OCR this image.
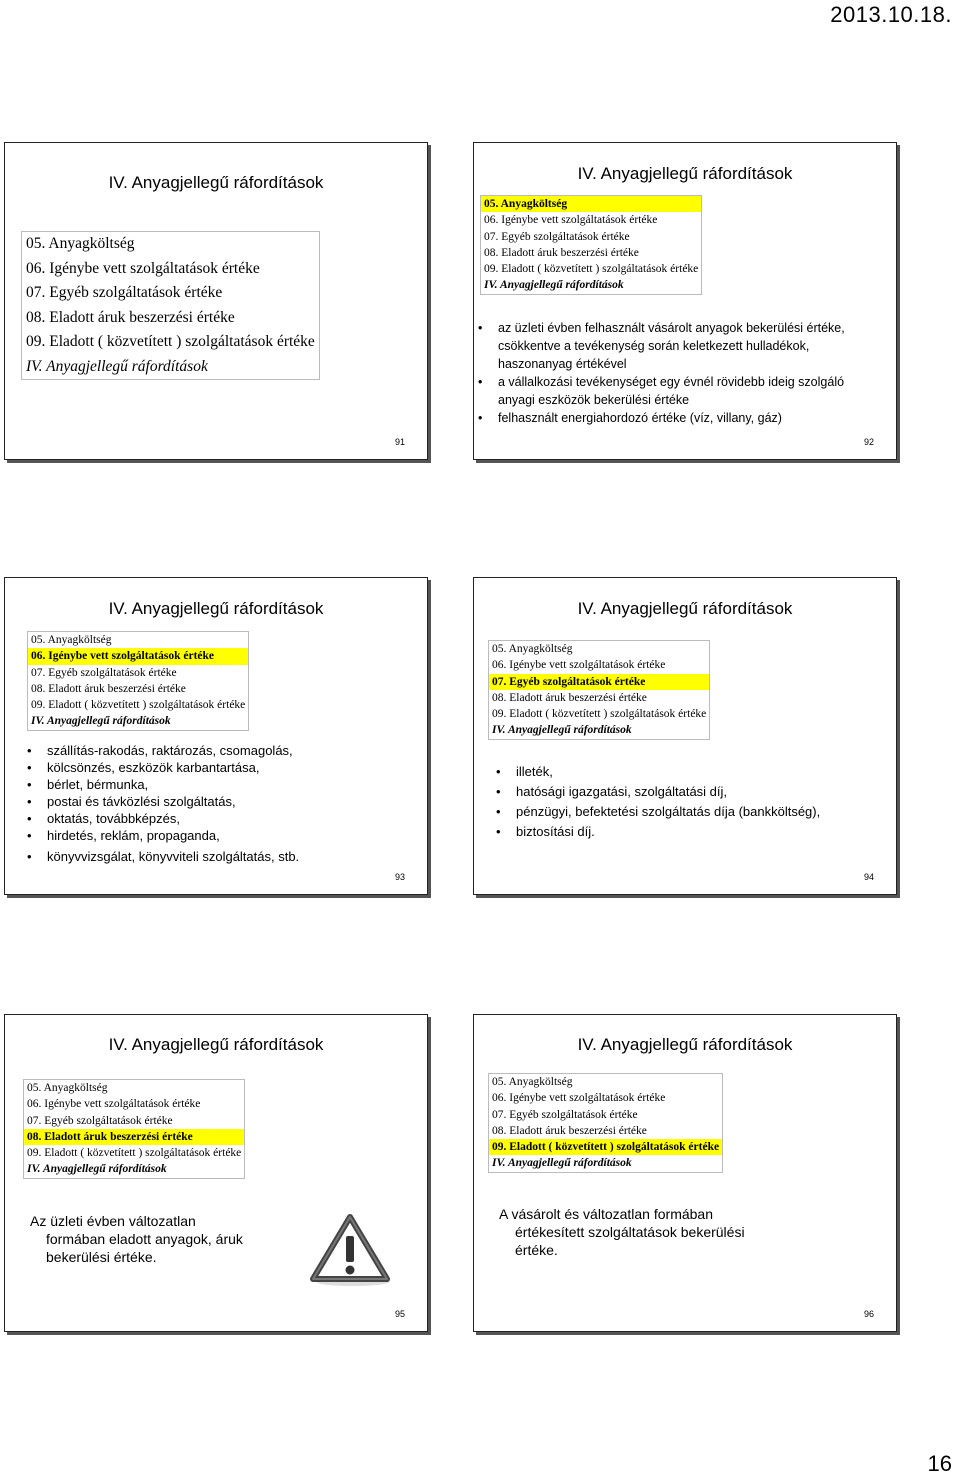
2013.10.18.
IV. Anyagjellegű ráfordítások
05. Anyagköltség
06. Igénybe vett szolgáltatások értéke
07. Egyéb szolgáltatások értéke
08. Eladott áruk beszerzési értéke
09. Eladott ( közvetített ) szolgáltatások értéke
IV. Anyagjellegű ráfordítások
91
IV. Anyagjellegű ráfordítások
05. Anyagköltség
06. Igénybe vett szolgáltatások értéke
07. Egyéb szolgáltatások értéke
08. Eladott áruk beszerzési értéke
09. Eladott ( közvetített ) szolgáltatások értéke
IV. Anyagjellegű ráfordítások
• az üzleti évben felhasznált vásárolt anyagok bekerülési értéke, csökkentve a tevékenység során keletkezett hulladékok, haszonanyag értékével
• a vállalkozási tevékenységet egy évnél rövidebb ideig szolgáló anyagi eszközök bekerülési értéke
• felhasznált energiahordozó értéke (víz, villany, gáz)
92
IV. Anyagjellegű ráfordítások
05. Anyagköltség
06. Igénybe vett szolgáltatások értéke
07. Egyéb szolgáltatások értéke
08. Eladott áruk beszerzési értéke
09. Eladott ( közvetített ) szolgáltatások értéke
IV. Anyagjellegű ráfordítások
• szállítás-rakodás, raktározás, csomagolás,
• kölcsönzés, eszközök karbantartása,
• bérlet, bérmunka,
• postai és távközlési szolgáltatás,
• oktatás, továbbképzés,
• hirdetés, reklám, propaganda,
• könyvvizsgálat, könyvviteli szolgáltatás, stb.
93
IV. Anyagjellegű ráfordítások
05. Anyagköltség
06. Igénybe vett szolgáltatások értéke
07. Egyéb szolgáltatások értéke
08. Eladott áruk beszerzési értéke
09. Eladott ( közvetített ) szolgáltatások értéke
IV. Anyagjellegű ráfordítások
• illeték,
• hatósági igazgatási, szolgáltatási díj,
• pénzügyi, befektetési szolgáltatás díja (bankköltség),
• biztosítási díj.
94
IV. Anyagjellegű ráfordítások
05. Anyagköltség
06. Igénybe vett szolgáltatások értéke
07. Egyéb szolgáltatások értéke
08. Eladott áruk beszerzési értéke
09. Eladott ( közvetített ) szolgáltatások értéke
IV. Anyagjellegű ráfordítások
Az üzleti évben változatlan
formában eladott anyagok, áruk
bekerülési értéke.
95
IV. Anyagjellegű ráfordítások
05. Anyagköltség
06. Igénybe vett szolgáltatások értéke
07. Egyéb szolgáltatások értéke
08. Eladott áruk beszerzési értéke
09. Eladott ( közvetített ) szolgáltatások értéke
IV. Anyagjellegű ráfordítások
A vásárolt és változatlan formában
értékesített szolgáltatások bekerülési
értéke.
96
16
